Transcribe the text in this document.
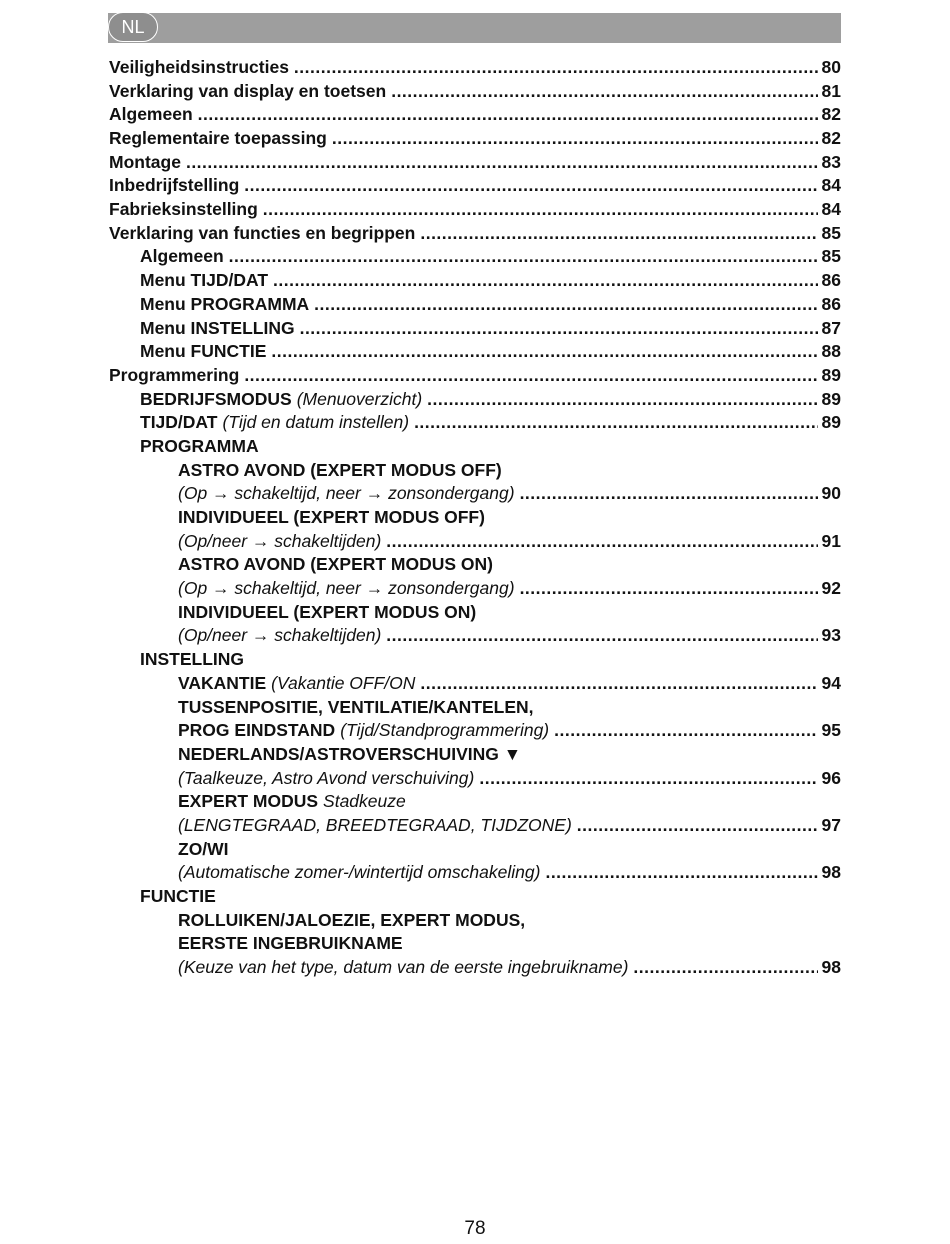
NL
Veiligheidsinstructies .....	80
Verklaring van display en toetsen .....	81
Algemeen .....	82
Reglementaire toepassing .....	82
Montage .....	83
Inbedrijfstelling .....	84
Fabrieksinstelling .....	84
Verklaring van functies en begrippen .....	85
Algemeen .....	85
Menu TIJD/DAT .....	86
Menu PROGRAMMA .....	86
Menu INSTELLING .....	87
Menu FUNCTIE .....	88
Programmering .....	89
BEDRIJFSMODUS (Menuoverzicht) .....	89
TIJD/DAT (Tijd en datum instellen) .....	89
PROGRAMMA
ASTRO AVOND (EXPERT MODUS OFF)
(Op → schakeltijd, neer → zonsondergang) .....	90
INDIVIDUEEL (EXPERT MODUS OFF)
(Op/neer → schakeltijden) .....	91
ASTRO AVOND (EXPERT MODUS ON)
(Op → schakeltijd, neer → zonsondergang) .....	92
INDIVIDUEEL (EXPERT MODUS ON)
(Op/neer → schakeltijden) .....	93
INSTELLING
VAKANTIE (Vakantie OFF/ON .....	94
TUSSENPOSITIE, VENTILATIE/KANTELEN,
PROG EINDSTAND (Tijd/Standprogrammering) .....	95
NEDERLANDS/ASTROVERSCHUIVING ▼
(Taalkeuze, Astro Avond verschuiving) .....	96
EXPERT MODUS Stadkeuze
(LENGTEGRAAD, BREEDTEGRAAD, TIJDZONE) .....	97
ZO/WI
(Automatische zomer-/wintertijd omschakeling) .....	98
FUNCTIE
ROLLUIKEN/JALOEZIE, EXPERT MODUS,
EERSTE INGEBRUIKNAME
(Keuze van het type, datum van de eerste ingebruikname) .....	98
78
